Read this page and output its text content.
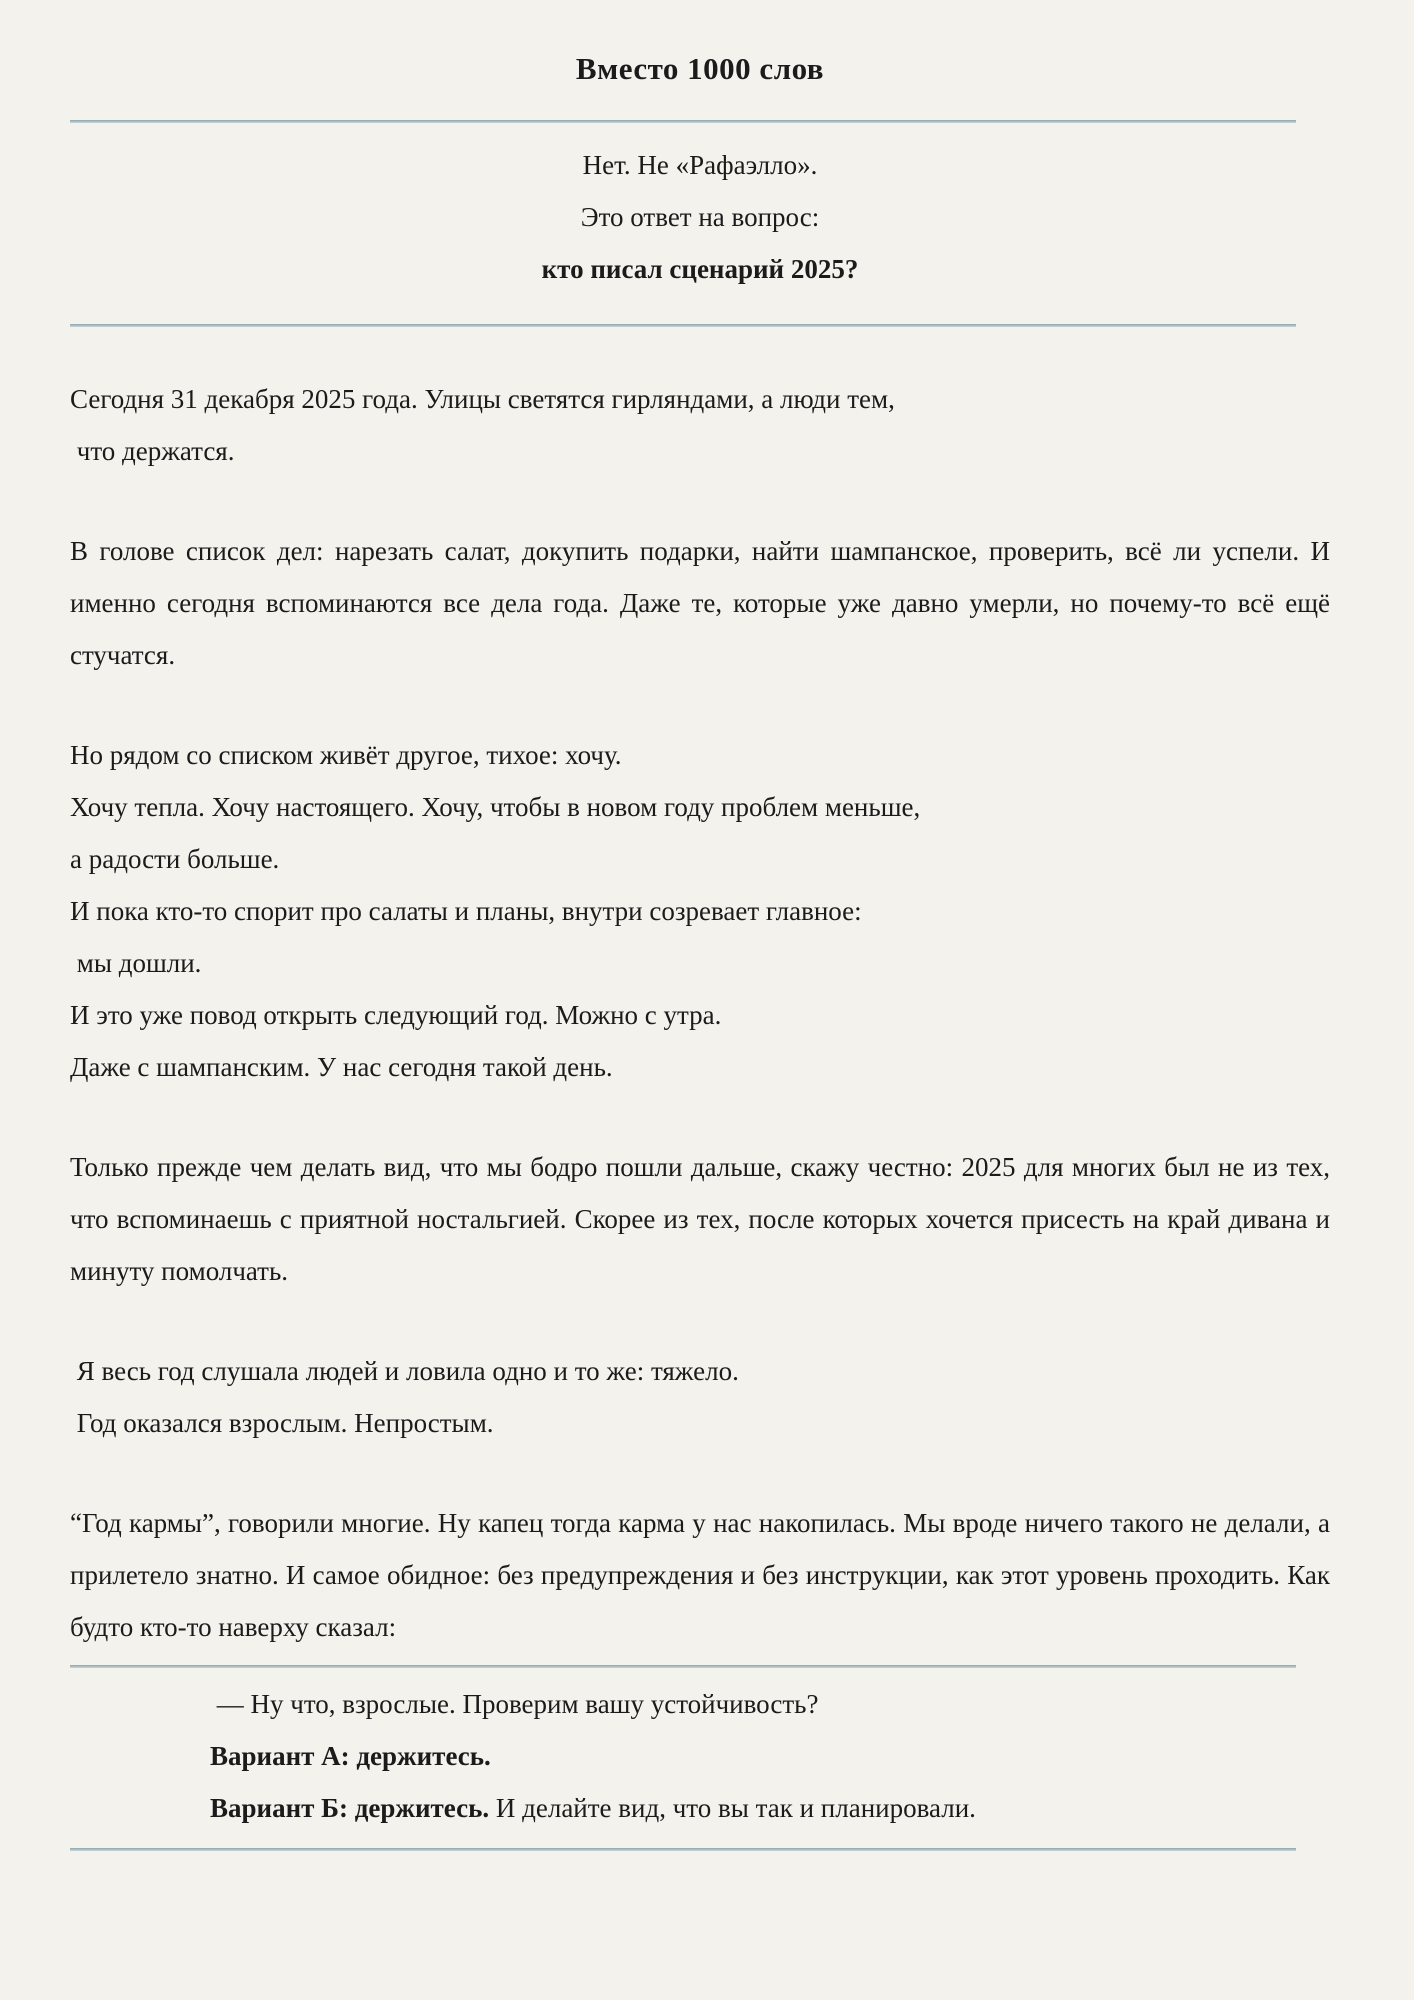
Вместо 1000 слов

Нет. Не «Рафаэлло».

Это ответ на вопрос:

кто писал сценарий 2025?

Сегодня 31 декабря 2025 года. Улицы светятся гирляндами, а люди тем,
что держатся.

В голове список дел: нарезать салат, докупить подарки, найти шампанское, проверить, всё ли успели. И именно сегодня вспоминаются все дела года. Даже те, которые уже давно умерли, но почему-то всё ещё стучатся.

Но рядом со списком живёт другое, тихое: хочу.
Хочу тепла. Хочу настоящего. Хочу, чтобы в новом году проблем меньше,
а радости больше.
И пока кто-то спорит про салаты и планы, внутри созревает главное:
мы дошли.
И это уже повод открыть следующий год. Можно с утра.
Даже с шампанским. У нас сегодня такой день.

Только прежде чем делать вид, что мы бодро пошли дальше, скажу честно: 2025 для многих был не из тех, что вспоминаешь с приятной ностальгией. Скорее из тех, после которых хочется присесть на край дивана и минуту помолчать.

Я весь год слушала людей и ловила одно и то же: тяжело.
Год оказался взрослым. Непростым.

“Год кармы”, говорили многие. Ну капец тогда карма у нас накопилась. Мы вроде ничего такого не делали, а прилетело знатно. И самое обидное: без предупреждения и без инструкции, как этот уровень проходить. Как будто кто-то наверху сказал:

— Ну что, взрослые. Проверим вашу устойчивость?

Вариант А: держитесь.

Вариант Б: держитесь. И делайте вид, что вы так и планировали.
